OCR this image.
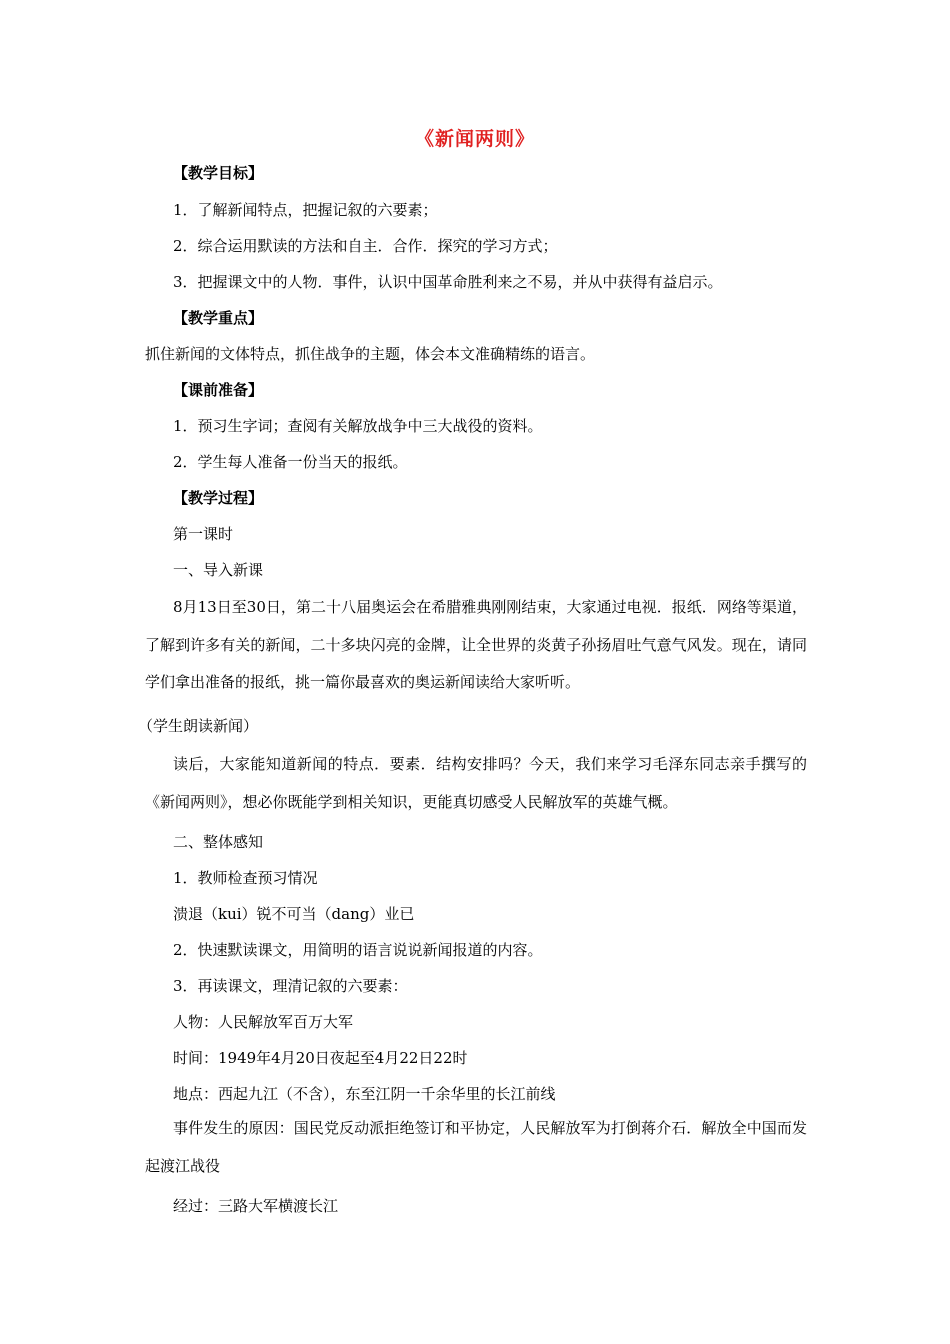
《新闻两则》
【教学目标】
1．了解新闻特点，把握记叙的六要素；
2．综合运用默读的方法和自主．合作．探究的学习方式；
3．把握课文中的人物．事件，认识中国革命胜利来之不易，并从中获得有益启示。
【教学重点】
抓住新闻的文体特点，抓住战争的主题，体会本文准确精练的语言。
【课前准备】
1．预习生字词；查阅有关解放战争中三大战役的资料。
2．学生每人准备一份当天的报纸。
【教学过程】
第一课时
一、导入新课
8月13日至30日，第二十八届奥运会在希腊雅典刚刚结束，大家通过电视．报纸．网络等渠道，了解到许多有关的新闻，二十多块闪亮的金牌，让全世界的炎黄子孙扬眉吐气意气风发。现在，请同学们拿出准备的报纸，挑一篇你最喜欢的奥运新闻读给大家听听。
（学生朗读新闻）
读后，大家能知道新闻的特点．要素．结构安排吗？今天，我们来学习毛泽东同志亲手撰写的《新闻两则》，想必你既能学到相关知识，更能真切感受人民解放军的英雄气概。
二、整体感知
1．教师检查预习情况
溃退（kui）锐不可当（dang）业已
2．快速默读课文，用简明的语言说说新闻报道的内容。
3．再读课文，理清记叙的六要素：
人物：人民解放军百万大军
时间：1949年4月20日夜起至4月22日22时
地点：西起九江（不含），东至江阴一千余华里的长江前线
事件发生的原因：国民党反动派拒绝签订和平协定，人民解放军为打倒蒋介石．解放全中国而发起渡江战役
经过：三路大军横渡长江
